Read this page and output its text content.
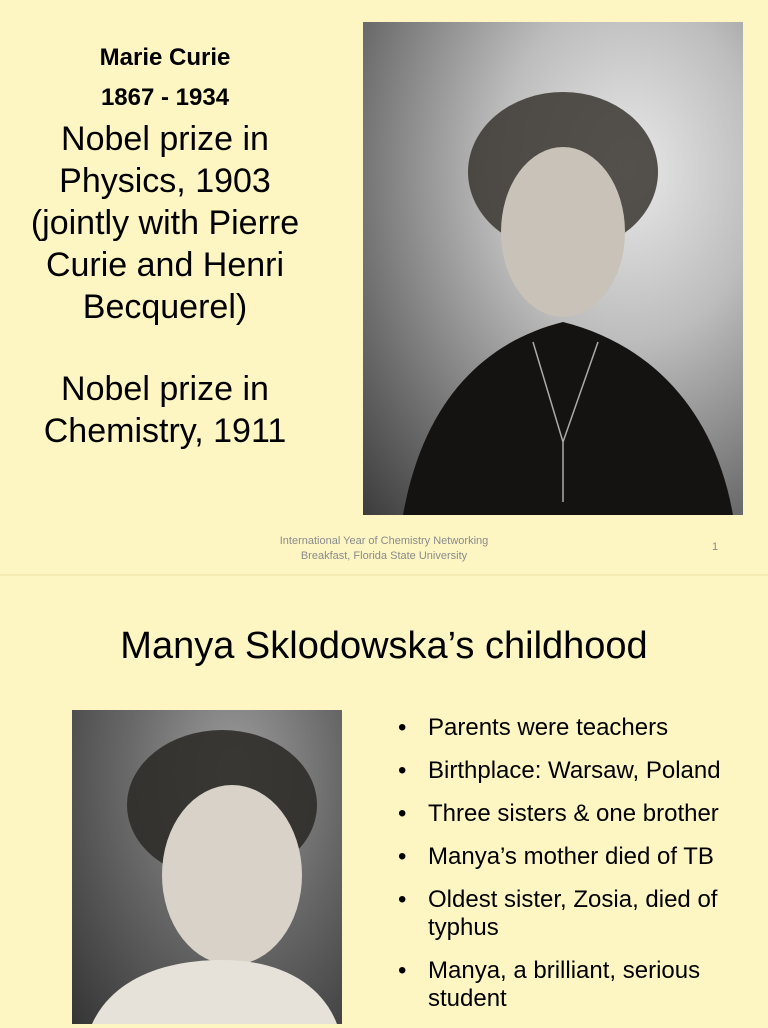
Marie Curie
1867 - 1934
Nobel prize in
Physics, 1903
(jointly with Pierre
Curie and Henri
Becquerel)
Nobel prize in
Chemistry, 1911
International Year of Chemistry Networking
Breakfast, Florida State University
1
Manya Sklodowska’s childhood
• Parents were teachers
• Birthplace: Warsaw, Poland
• Three sisters & one brother
• Manya’s mother died of TB
• Oldest sister, Zosia, died of typhus
• Manya, a brilliant, serious student
